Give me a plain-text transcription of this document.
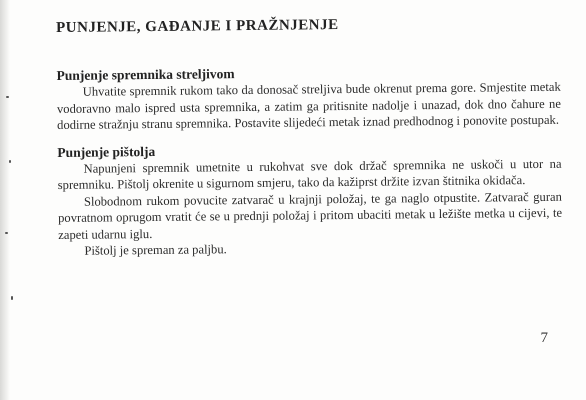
PUNJENJE, GAĐANJE I PRAŽNJENJE
Punjenje spremnika streljivom

Uhvatite spremnik rukom tako da donosač streljiva bude okrenut prema gore. Smjestite metak vodoravno malo ispred usta spremnika, a zatim ga pritisnite nadolje i unazad, dok dno čahure ne dodirne stražnju stranu spremnika. Postavite slijedeći metak iznad predhodnog i ponovite postupak.

Punjenje pištolja

Napunjeni spremnik umetnite u rukohvat sve dok držač spremnika ne uskoči u utor na spremniku. Pištolj okrenite u sigurnom smjeru, tako da kažiprst držite izvan štitnika okidača.

Slobodnom rukom povucite zatvarač u krajnji položaj, te ga naglo otpustite. Zatvarač guran povratnom oprugom vratit će se u prednji položaj i pritom ubaciti metak u ležište metka u cijevi, te zapeti udarnu iglu.

Pištolj je spreman za paljbu.

7
